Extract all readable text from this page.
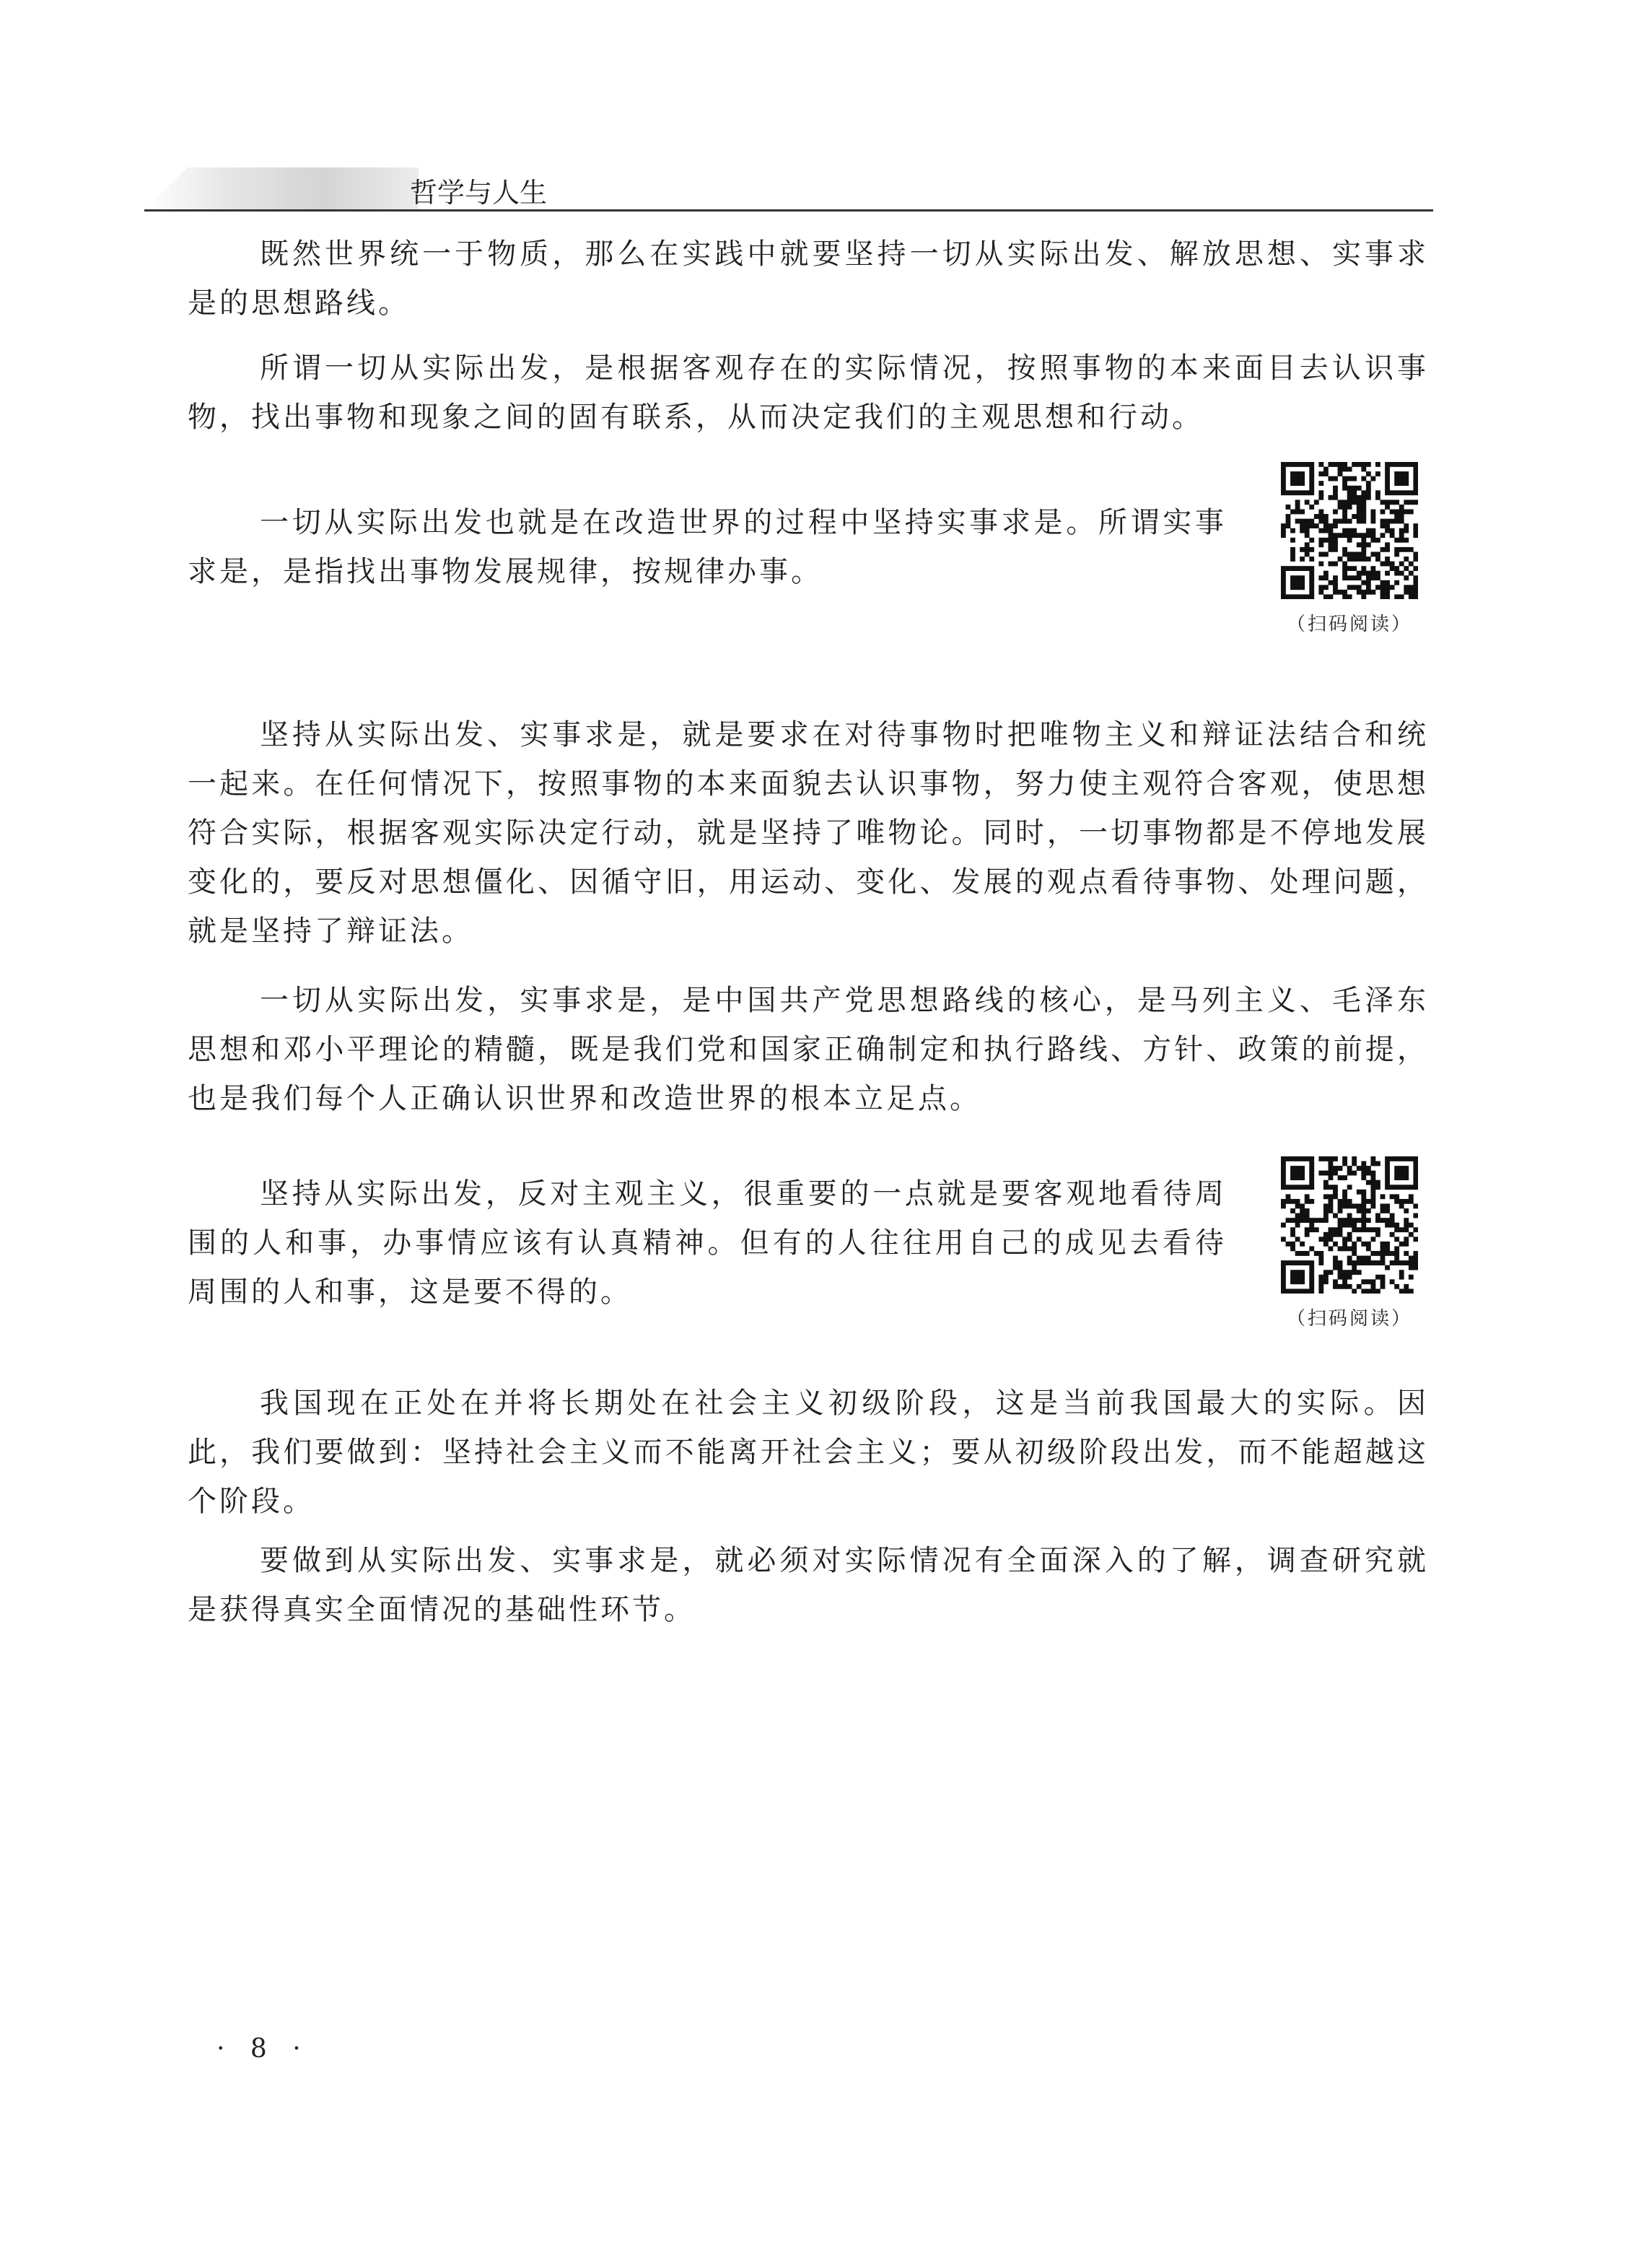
哲学与人生

既然世界统一于物质，那么在实践中就要坚持一切从实际出发、解放思想、实事求是的思想路线。

所谓一切从实际出发，是根据客观存在的实际情况，按照事物的本来面目去认识事物，找出事物和现象之间的固有联系，从而决定我们的主观思想和行动。

一切从实际出发也就是在改造世界的过程中坚持实事求是。所谓实事求是，是指找出事物发展规律，按规律办事。

（扫码阅读）

坚持从实际出发、实事求是，就是要求在对待事物时把唯物主义和辩证法结合和统一起来。在任何情况下，按照事物的本来面貌去认识事物，努力使主观符合客观，使思想符合实际，根据客观实际决定行动，就是坚持了唯物论。同时，一切事物都是不停地发展变化的，要反对思想僵化、因循守旧，用运动、变化、发展的观点看待事物、处理问题，就是坚持了辩证法。

一切从实际出发，实事求是，是中国共产党思想路线的核心，是马列主义、毛泽东思想和邓小平理论的精髓，既是我们党和国家正确制定和执行路线、方针、政策的前提，也是我们每个人正确认识世界和改造世界的根本立足点。

坚持从实际出发，反对主观主义，很重要的一点就是要客观地看待周围的人和事，办事情应该有认真精神。但有的人往往用自己的成见去看待周围的人和事，这是要不得的。

（扫码阅读）

我国现在正处在并将长期处在社会主义初级阶段，这是当前我国最大的实际。因此，我们要做到：坚持社会主义而不能离开社会主义；要从初级阶段出发，而不能超越这个阶段。

要做到从实际出发、实事求是，就必须对实际情况有全面深入的了解，调查研究就是获得真实全面情况的基础性环节。

· 8 ·
